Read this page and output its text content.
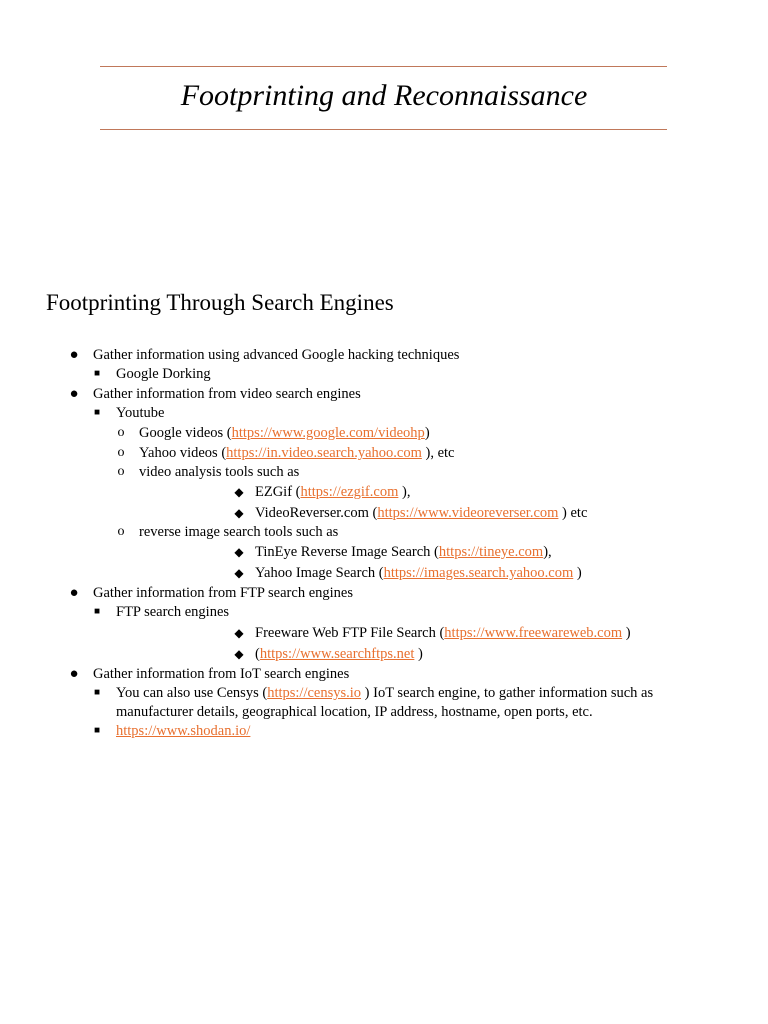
Footprinting and Reconnaissance
Footprinting Through Search Engines
● Gather information using advanced Google hacking techniques
■ Google Dorking
● Gather information from video search engines
■ Youtube
o Google videos (https://www.google.com/videohp)
o Yahoo videos (https://in.video.search.yahoo.com ), etc
o video analysis tools such as
◆ EZGif (https://ezgif.com ),
◆ VideoReverser.com (https://www.videoreverser.com ) etc
o reverse image search tools such as
◆ TinEye Reverse Image Search (https://tineye.com),
◆ Yahoo Image Search (https://images.search.yahoo.com )
● Gather information from FTP search engines
■ FTP search engines
◆ Freeware Web FTP File Search (https://www.freewareweb.com )
◆ (https://www.searchftps.net )
● Gather information from IoT search engines
■ You can also use Censys (https://censys.io ) IoT search engine, to gather information such as
manufacturer details, geographical location, IP address, hostname, open ports, etc.
■ https://www.shodan.io/
